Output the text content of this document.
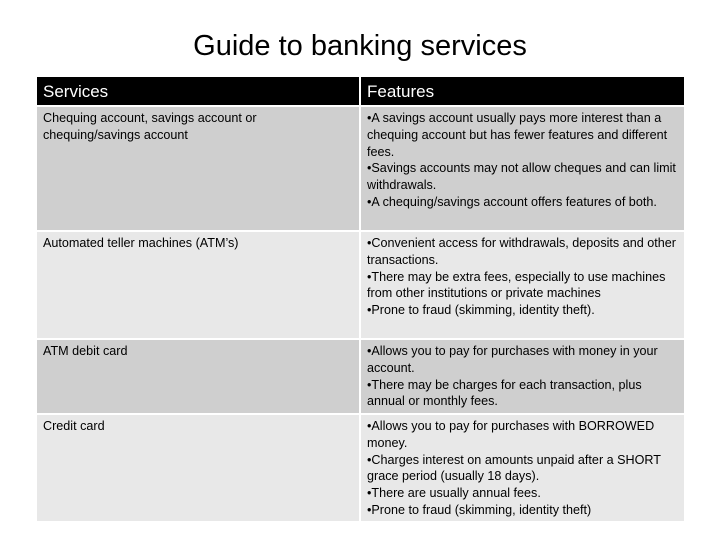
Guide to banking services
Services	Features
Chequing account, savings account or chequing/savings account	•A savings account usually pays more interest than a chequing account but has fewer features and different fees.
•Savings accounts may not allow cheques and can limit withdrawals.
•A chequing/savings account offers features of both.

Automated teller machines (ATM’s)	•Convenient access for withdrawals, deposits and other transactions.
•There may be extra fees, especially to use machines from other institutions or private machines
•Prone to fraud (skimming, identity theft).

ATM debit card	•Allows you to pay for purchases with money in your account.
•There may be charges for each transaction, plus annual or monthly fees.

Credit card	•Allows you to pay for purchases with BORROWED money.
•Charges interest on amounts unpaid after a SHORT grace period (usually 18 days).
•There are usually annual fees.
•Prone to fraud (skimming, identity theft)
